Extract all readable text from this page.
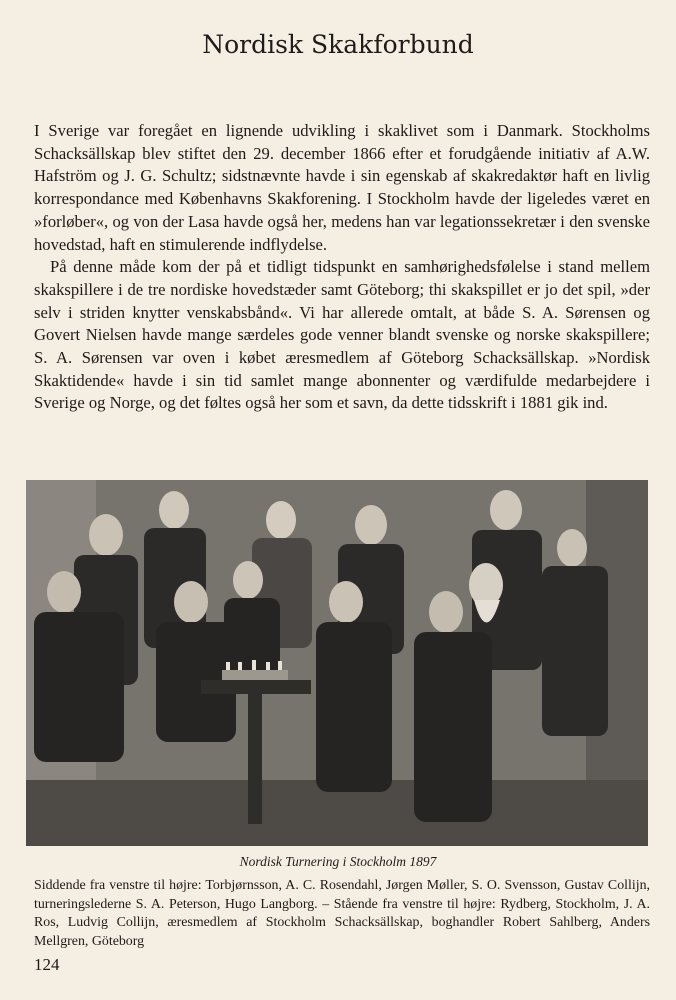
Nordisk Skakforbund

I Sverige var foregået en lignende udvikling i skaklivet som i Danmark. Stockholms Schacksällskap blev stiftet den 29. december 1866 efter et forudgående initiativ af A.W. Hafström og J. G. Schultz; sidstnævnte havde i sin egenskab af skakredaktør haft en livlig korrespondance med Københavns Skakforening. I Stockholm havde der ligeledes været en »forløber«, og von der Lasa havde også her, medens han var legationssekretær i den svenske hovedstad, haft en stimulerende indflydelse.

På denne måde kom der på et tidligt tidspunkt en samhørighedsfølelse i stand mellem skakspillere i de tre nordiske hovedstæder samt Göteborg; thi skakspillet er jo det spil, »der selv i striden knytter venskabsbånd«. Vi har allerede omtalt, at både S. A. Sørensen og Govert Nielsen havde mange særdeles gode venner blandt svenske og norske skakspillere; S. A. Sørensen var oven i købet æresmedlem af Göteborg Schacksällskap. »Nordisk Skaktidende« havde i sin tid samlet mange abonnenter og værdifulde medarbejdere i Sverige og Norge, og det føltes også her som et savn, da dette tidsskrift i 1881 gik ind.

Nordisk Turnering i Stockholm 1897
Siddende fra venstre til højre: Torbjørnsson, A. C. Rosendahl, Jørgen Møller, S. O. Svensson, Gustav Collijn, turneringslederne S. A. Peterson, Hugo Langborg. – Stående fra venstre til højre: Rydberg, Stockholm, J. A. Ros, Ludvig Collijn, æresmedlem af Stockholm Schacksällskap, boghandler Robert Sahlberg, Anders Mellgren, Göteborg
124
